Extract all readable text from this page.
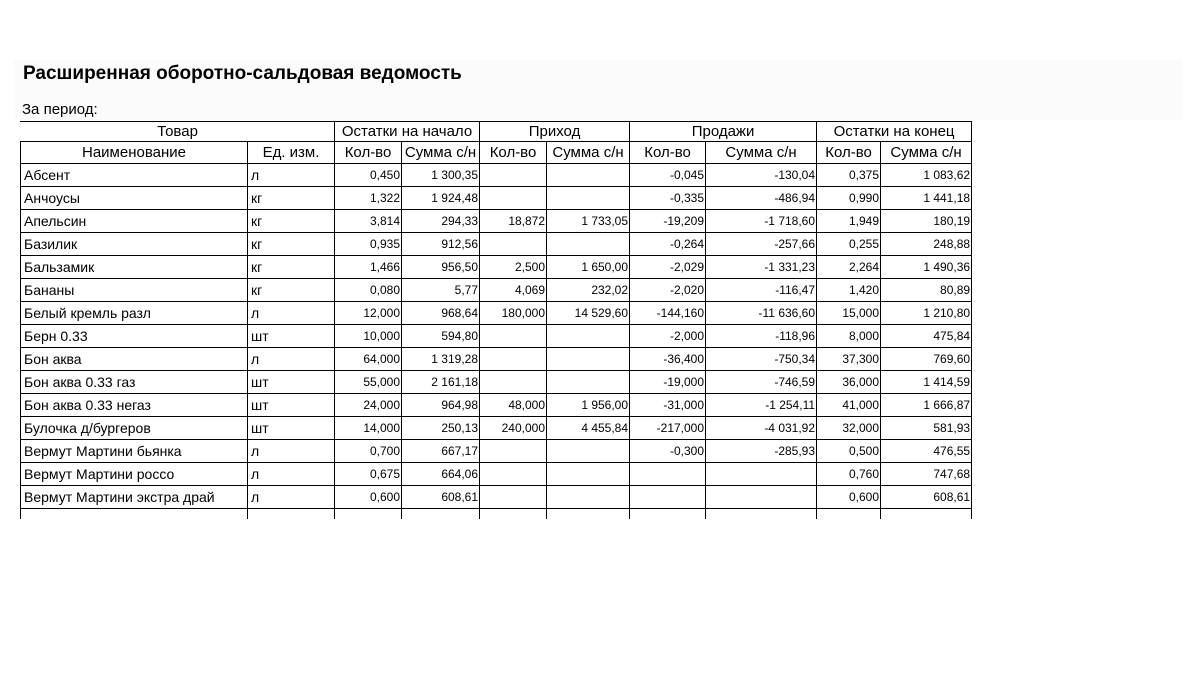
Расширенная оборотно-сальдовая ведомость
За период:
Товар		Остатки на начало		Приход		Продажи		Остатки на конец	
Наименование	Ед. изм.	Кол-во	Сумма с/н	Кол-во	Сумма с/н	Кол-во	Сумма с/н	Кол-во	Сумма с/н
Абсент	л	0,450	1 300,35			-0,045	-130,04	0,375	1 083,62
Анчоусы	кг	1,322	1 924,48			-0,335	-486,94	0,990	1 441,18
Апельсин	кг	3,814	294,33	18,872	1 733,05	-19,209	-1 718,60	1,949	180,19
Базилик	кг	0,935	912,56			-0,264	-257,66	0,255	248,88
Бальзамик	кг	1,466	956,50	2,500	1 650,00	-2,029	-1 331,23	2,264	1 490,36
Бананы	кг	0,080	5,77	4,069	232,02	-2,020	-116,47	1,420	80,89
Белый кремль разл	л	12,000	968,64	180,000	14 529,60	-144,160	-11 636,60	15,000	1 210,80
Берн 0.33	шт	10,000	594,80			-2,000	-118,96	8,000	475,84
Бон аква	л	64,000	1 319,28			-36,400	-750,34	37,300	769,60
Бон аква 0.33 газ	шт	55,000	2 161,18			-19,000	-746,59	36,000	1 414,59
Бон аква 0.33 негаз	шт	24,000	964,98	48,000	1 956,00	-31,000	-1 254,11	41,000	1 666,87
Булочка д/бургеров	шт	14,000	250,13	240,000	4 455,84	-217,000	-4 031,92	32,000	581,93
Вермут Мартини бьянка	л	0,700	667,17			-0,300	-285,93	0,500	476,55
Вермут Мартини россо	л	0,675	664,06					0,760	747,68
Вермут Мартини экстра драй	л	0,600	608,61					0,600	608,61
